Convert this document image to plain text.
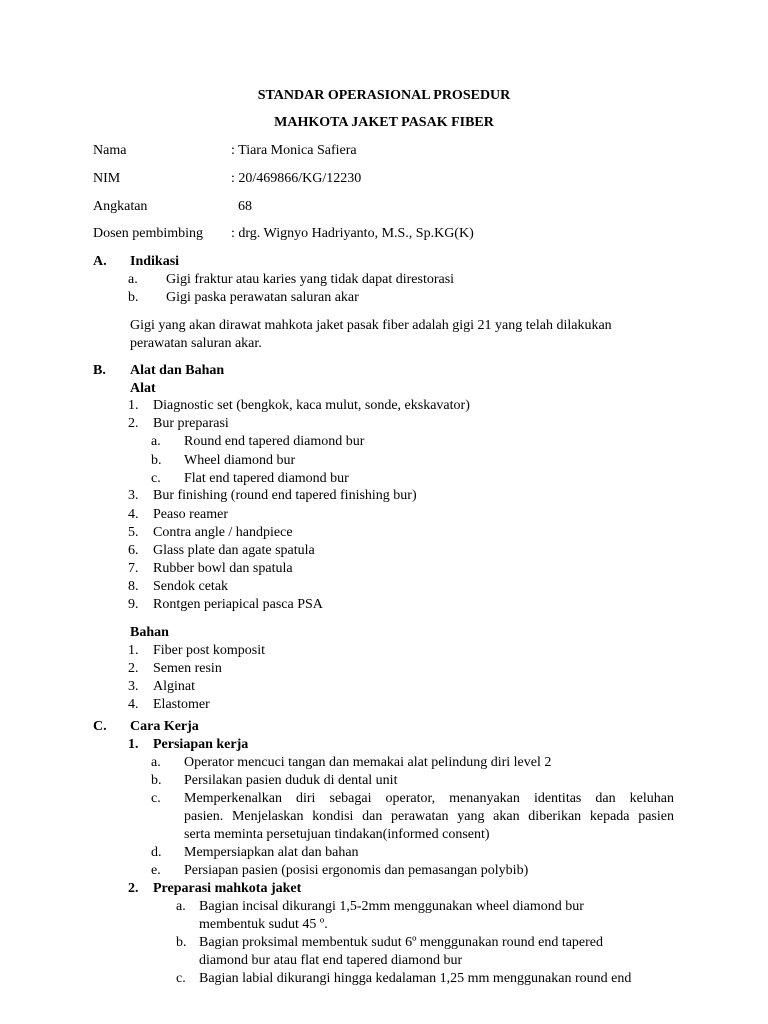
STANDAR OPERASIONAL PROSEDUR
MAHKOTA JAKET PASAK FIBER
Nama	: Tiara Monica Safiera
NIM	: 20/469866/KG/12230
Angkatan	68
Dosen pembimbing : drg. Wignyo Hadriyanto, M.S., Sp.KG(K)
A. Indikasi
a. Gigi fraktur atau karies yang tidak dapat direstorasi
b. Gigi paska perawatan saluran akar
Gigi yang akan dirawat mahkota jaket pasak fiber adalah gigi 21 yang telah dilakukan
perawatan saluran akar.
B. Alat dan Bahan
Alat
1. Diagnostic set (bengkok, kaca mulut, sonde, ekskavator)
2. Bur preparasi
a. Round end tapered diamond bur
b. Wheel diamond bur
c. Flat end tapered diamond bur
3. Bur finishing (round end tapered finishing bur)
4. Peaso reamer
5. Contra angle / handpiece
6. Glass plate dan agate spatula
7. Rubber bowl dan spatula
8. Sendok cetak
9. Rontgen periapical pasca PSA
Bahan
1. Fiber post komposit
2. Semen resin
3. Alginat
4. Elastomer
C. Cara Kerja
1. Persiapan kerja
a. Operator mencuci tangan dan memakai alat pelindung diri level 2
b. Persilakan pasien duduk di dental unit
c. Memperkenalkan diri sebagai operator, menanyakan identitas dan keluhan
pasien. Menjelaskan kondisi dan perawatan yang akan diberikan kepada pasien
serta meminta persetujuan tindakan(informed consent)
d. Mempersiapkan alat dan bahan
e. Persiapan pasien (posisi ergonomis dan pemasangan polybib)
2. Preparasi mahkota jaket
a. Bagian incisal dikurangi 1,5-2mm menggunakan wheel diamond bur
membentuk sudut 45 º.
b. Bagian proksimal membentuk sudut 6º menggunakan round end tapered
diamond bur atau flat end tapered diamond bur
c. Bagian labial dikurangi hingga kedalaman 1,25 mm menggunakan round end
